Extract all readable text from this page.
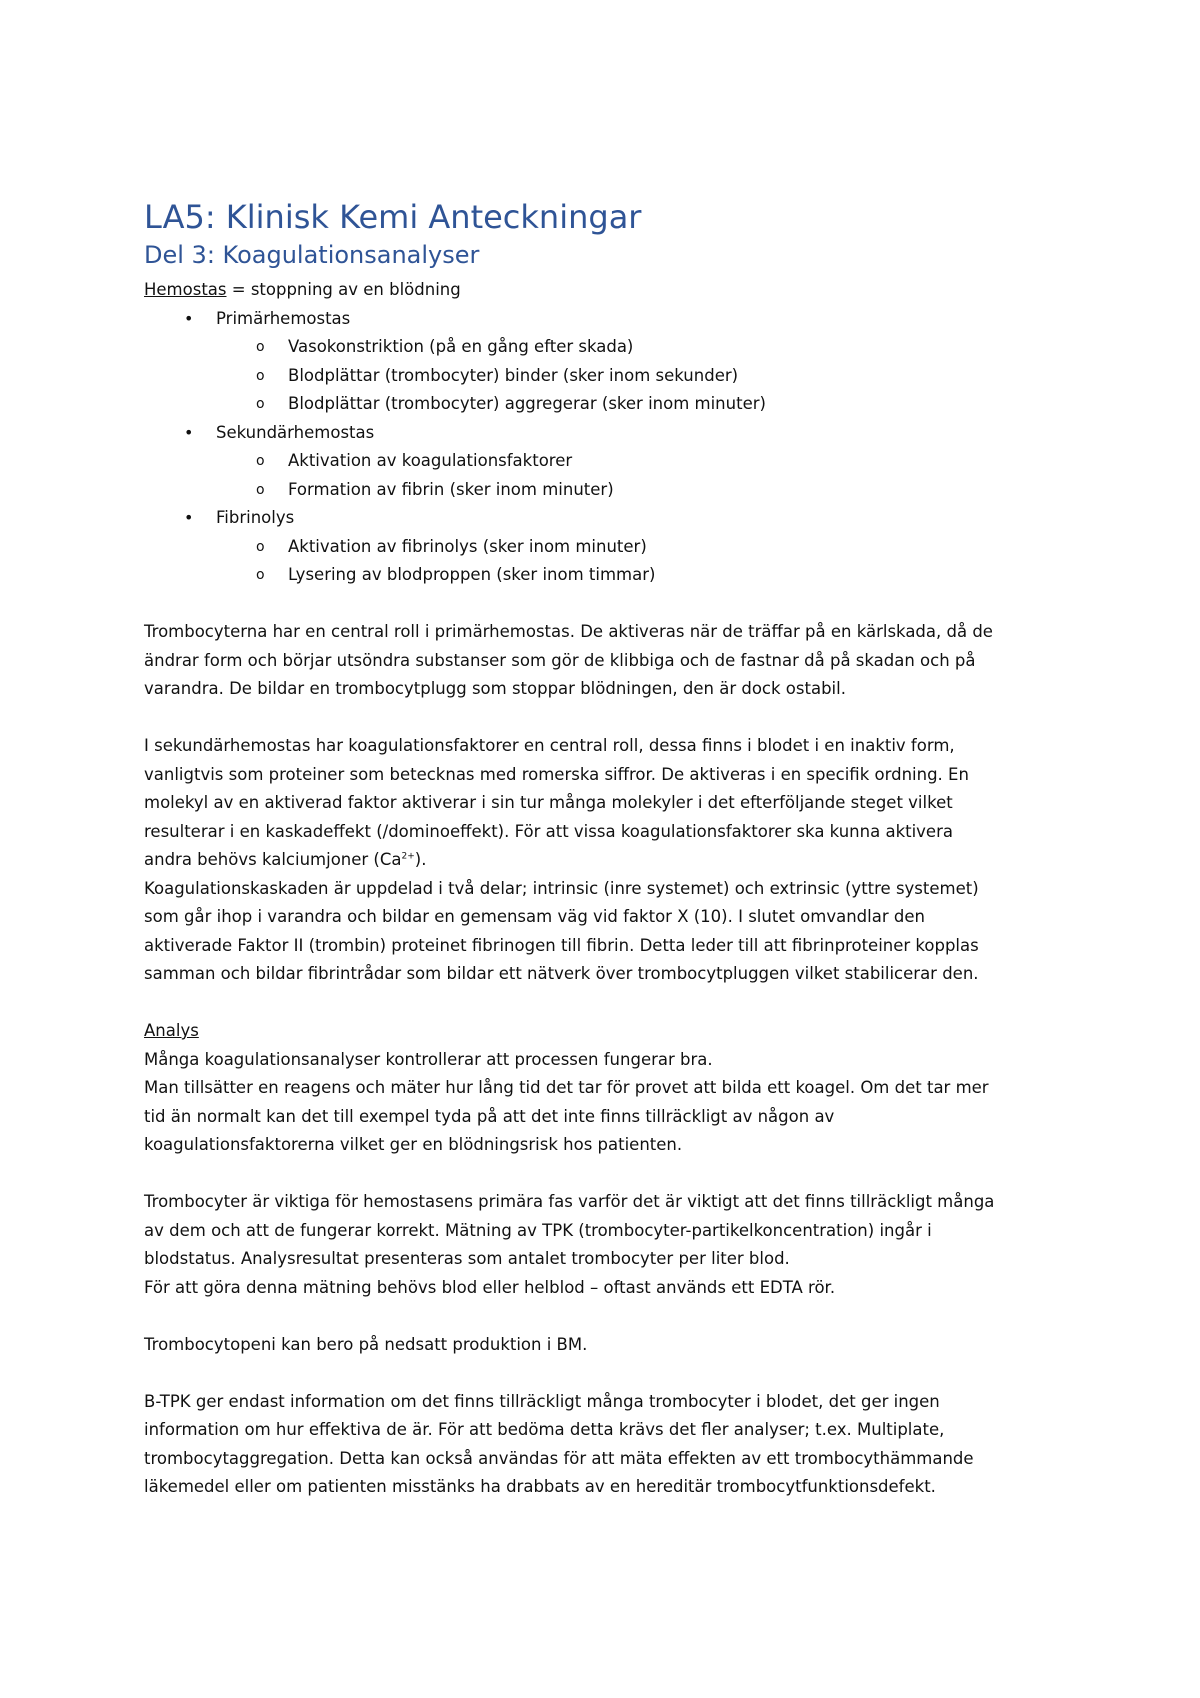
LA5: Klinisk Kemi Anteckningar
Del 3: Koagulationsanalyser
Hemostas = stoppning av en blödning
• Primärhemostas
o Vasokonstriktion (på en gång efter skada)
o Blodplättar (trombocyter) binder (sker inom sekunder)
o Blodplättar (trombocyter) aggregerar (sker inom minuter)
• Sekundärhemostas
o Aktivation av koagulationsfaktorer
o Formation av fibrin (sker inom minuter)
• Fibrinolys
o Aktivation av fibrinolys (sker inom minuter)
o Lysering av blodproppen (sker inom timmar)
Trombocyterna har en central roll i primärhemostas. De aktiveras när de träffar på en kärlskada, då de
ändrar form och börjar utsöndra substanser som gör de klibbiga och de fastnar då på skadan och på
varandra. De bildar en trombocytplugg som stoppar blödningen, den är dock ostabil.
I sekundärhemostas har koagulationsfaktorer en central roll, dessa finns i blodet i en inaktiv form,
vanligtvis som proteiner som betecknas med romerska siffror. De aktiveras i en specifik ordning. En
molekyl av en aktiverad faktor aktiverar i sin tur många molekyler i det efterföljande steget vilket
resulterar i en kaskadeffekt (/dominoeffekt). För att vissa koagulationsfaktorer ska kunna aktivera
andra behövs kalciumjoner $(Ca^{2+})$.
Koagulationskaskaden är uppdelad i två delar; intrinsic (inre systemet) och extrinsic (yttre systemet)
som går ihop i varandra och bildar en gemensam väg vid faktor X (10). I slutet omvandlar den
aktiverade Faktor II (trombin) proteinet fibrinogen till fibrin. Detta leder till att fibrinproteiner kopplas
samman och bildar fibrintrådar som bildar ett nätverk över trombocytpluggen vilket stabilicerar den.
Analys
Många koagulationsanalyser kontrollerar att processen fungerar bra.
Man tillsätter en reagens och mäter hur lång tid det tar för provet att bilda ett koagel. Om det tar mer
tid än normalt kan det till exempel tyda på att det inte finns tillräckligt av någon av
koagulationsfaktorerna vilket ger en blödningsrisk hos patienten.
Trombocyter är viktiga för hemostasens primära fas varför det är viktigt att det finns tillräckligt många
av dem och att de fungerar korrekt. Mätning av TPK (trombocyter-partikelkoncentration) ingår i
blodstatus. Analysresultat presenteras som antalet trombocyter per liter blod.
För att göra denna mätning behövs blod eller helblod – oftast används ett EDTA rör.
Trombocytopeni kan bero på nedsatt produktion i BM.
B-TPK ger endast information om det finns tillräckligt många trombocyter i blodet, det ger ingen
information om hur effektiva de är. För att bedöma detta krävs det fler analyser; t.ex. Multiplate,
trombocytaggregation. Detta kan också användas för att mäta effekten av ett trombocythämmande
läkemedel eller om patienten misstänks ha drabbats av en hereditär trombocytfunktionsdefekt.
